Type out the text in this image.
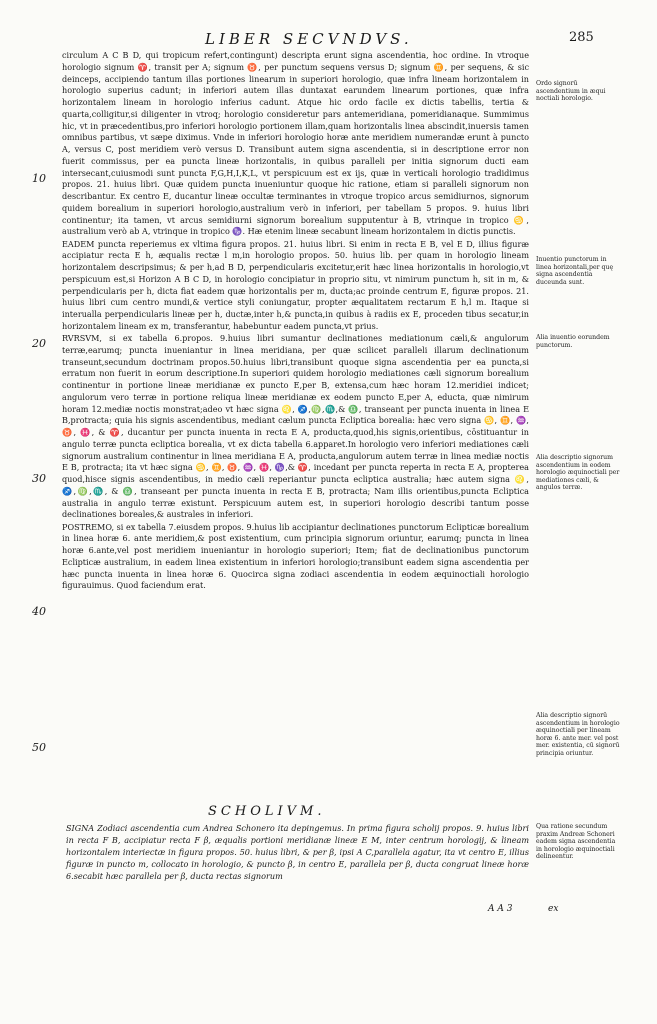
LIBER SECVNDVS.	285

circulum A C B D, qui tropicum refert,contingunt) descripta erunt signa ascendentia, hoc ordine. In vtroque horologio signum ♈, transit per A; signum ♉, per punctum sequens versus D; signum ♊, per sequens, & sic deinceps, accipiendo tantum illas portiones linearum in superiori horologio, quæ infra lineam horizontalem in horologio superius cadunt; in inferiori autem illas duntaxat earundem linearum portiones, quæ infra horizontalem lineam in horologio inferius cadunt. Atque hic ordo facile ex dictis tabellis, tertia & quarta,colligitur,si diligenter in vtroq; horologio consideretur pars antemeridiana, pomeridianaque. Summimus hic, vt in præcedentibus,pro inferiori horologio portionem illam,quam horizontalis linea abscindit,inuersis tamen omnibus partibus, vt sæpe diximus. Vnde in inferiori horologio horæ ante meridiem numerandæ erunt à puncto A, versus C, post meridiem verò versus D. Transibunt autem signa ascendentia, si in descriptione error non fuerit commissus, per ea puncta lineæ horizontalis, in quibus paralleli per initia signorum ducti eam intersecant,cuiusmodi sunt puncta F,G,H,I,K,L, vt perspicuum est ex ijs, quæ in verticali horologio tradidimus propos. 21. huius libri. Quæ quidem puncta inueniuntur quoque hic ratione, etiam si paralleli signorum non describantur. Ex centro E, ducantur lineæ occultæ terminantes in vtroque tropico arcus semidiurnos, signorum quidem borealium in superiori horologio,australium verò in inferiori, per tabellam 5 propos. 9. huius libri continentur; ita tamen, vt arcus semidiurni signorum borealium supputentur à B, vtrinque in tropico ♋, australium verò ab A, vtrinque in tropico ♑. Hæ etenim lineæ secabunt lineam horizontalem in dictis punctis.

EADEM puncta reperiemus ex vltima figura propos. 21. huius libri. Si enim in recta E B, vel E D, illius figuræ accipiatur recta E h, æqualis rectæ l m,in horologio propos. 50. huius lib. per quam in horologio lineam horizontalem descripsimus; & per h,ad B D, perpendicularis excitetur,erit hæc linea horizontalis in horologio,vt perspicuum est,si Horizon A B C D, in horologio concipiatur in proprio situ, vt nimirum punctum h, sit in m, & perpendicularis per h, dicta fiat eadem quæ horizontalis per m, ducta;ac proinde centrum E, figuræ propos. 21. huius libri cum centro mundi,& vertice styli coniungatur, propter æqualitatem rectarum E h,l m. Itaque si interualla perpendicularis lineæ per h, ductæ,inter h,& puncta,in quibus à radiis ex E, proceden tibus secatur,in horizontalem lineam ex m, transferantur, habebuntur eadem puncta,vt prius.

RVRSVM, si ex tabella 6.propos. 9.huius libri sumantur declinationes mediationum cæli,& angulorum terræ,earumq; puncta inueniantur in linea meridiana, per quæ scilicet paralleli illarum declinationum transeunt,secundum doctrinam propos.50.huius libri,transibunt quoque signa ascendentia per ea puncta,si erratum non fuerit in eorum descriptione.In superiori quidem horologio mediationes cæli signorum borealium continentur in portione lineæ meridianæ ex puncto E,per B, extensa,cum hæc horam 12.meridiei indicet; angulorum vero terræ in portione reliqua lineæ meridianæ ex eodem puncto E,per A, educta, quæ nimirum horam 12.mediæ noctis monstrat;adeo vt hæc signa ♌, ♐,♍,♏,& ♎, transeant per puncta inuenta in linea E B,protracta; quia his signis ascendentibus, mediant cælum puncta Ecliptica borealia: hæc vero signa ♋, ♊, ♒, ♉, ♓, & ♈, ducantur per puncta inuenta in recta E A, producta,quod,his signis,orientibus, cōstituantur in angulo terræ puncta ecliptica borealia, vt ex dicta tabella 6.apparet.In horologio vero inferiori mediationes cæli signorum australium continentur in linea meridiana E A, producta,angulorum autem terræ in linea mediæ noctis E B, protracta; ita vt hæc signa ♋, ♊, ♉, ♒, ♓, ♑,& ♈, incedant per puncta reperta in recta E A, propterea quod,hisce signis ascendentibus, in medio cæli reperiantur puncta ecliptica australia; hæc autem signa ♌, ♐,♍,♏, & ♎, transeant per puncta inuenta in recta E B, protracta; Nam illis orientibus,puncta Ecliptica australia in angulo terræ existunt. Perspicuum autem est, in superiori horologio describi tantum posse declinationes boreales,& australes in inferiori.

POSTREMO, si ex tabella 7.eiusdem propos. 9.huius lib accipiantur declinationes punctorum Eclipticæ borealium in linea horæ 6. ante meridiem,& post existentium, cum principia signorum oriuntur, earumq; puncta in linea horæ 6.ante,vel post meridiem inueniantur in horologio superiori; Item; fiat de declinationibus punctorum Eclipticæ australium, in eadem linea existentium in inferiori horologio;transibunt eadem signa ascendentia per hæc puncta inuenta in linea horæ 6. Quocirca signa zodiaci ascendentia in eodem æquinoctiali horologio figurauimus. Quod faciendum erat.

10
20
30
40
50
Ordo signorū ascendentium in æqui noctiali horologio.
Inuentio punctorum in linea horizontali,per quę signa ascendentia duceunda sunt.
Alia inuentio eorundem punctorum.
Alia descriptio signorum ascendentium in eodem horologio æquinoctiali per mediationes cæli, & angulos terræ.
Alia descriptio signorū ascendentium in horologio æquinoctiali per lineam horæ 6. ante mer. vel post mer. existentia, cū signorū principia oriuntur.
Qua ratione secundum praxim Andreæ Schoneri eadem signa ascendentia in horologio æquinoctiali delineentur.
SCHOLIVM.
SIGNA Zodiaci ascendentia cum Andrea Schonero ita depingemus. In prima figura scholij propos. 9. huius libri in recta F B, accipiatur recta F β, æqualis portioni meridianæ lineæ E M, inter centrum horologij, & lineam horizontalem interiectæ in figura propos. 50. huius libri, & per β, ipsi A C,parallela agatur, ita vt centro E, illius figuræ in puncto m, collocato in horologio, & puncto β, in centro E, parallela per β, ducta congruat lineæ horæ 6.secabit hæc parallela per β, ducta rectas signorum
A A 3	ex
